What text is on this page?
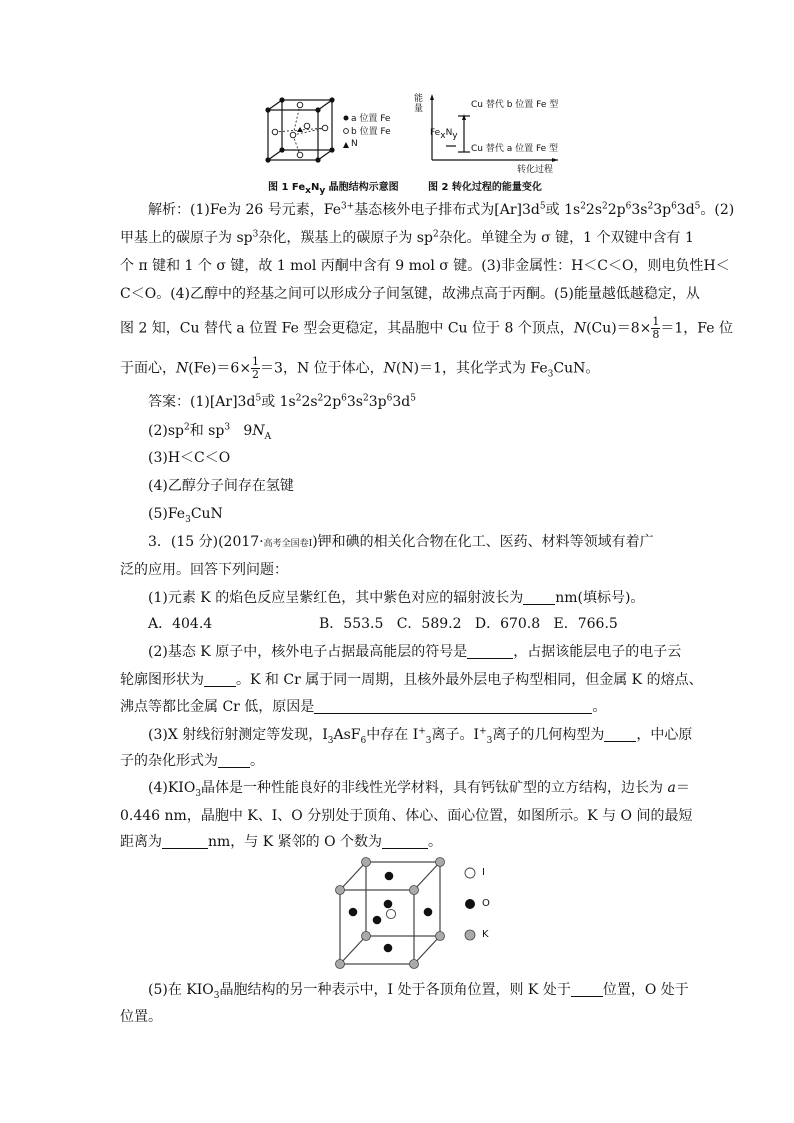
a 位置 Fe
b 位置 Fe
N
图 1 $Fe_xN_y$ 晶胞结构示意图
能量	Cu 替代 b 位置 Fe 型
$Fe_xN_y$
Cu 替代 a 位置 Fe 型
转化过程
图 2 转化过程的能量变化
解析：(1)Fe为 26 号元素，$Fe^{3+}$基态核外电子排布式为$[Ar]3d^5$或 $1s^22s^22p^63s^23p^63d^5$。(2)
甲基上的碳原子为 $sp^3$杂化，羰基上的碳原子为 $sp^2$杂化。单键全为 σ 键，1 个双键中含有 1
个 π 键和 1 个 σ 键，故 1 mol 丙酮中含有 9 mol σ 键。(3)非金属性：H＜C＜O，则电负性H＜
C＜O。(4)乙醇中的羟基之间可以形成分子间氢键，故沸点高于丙酮。(5)能量越低越稳定，从
图 2 知，Cu 替代 a 位置 Fe 型会更稳定，其晶胞中 Cu 位于 8 个顶点，$N(Cu)=8\times \frac{1}{8} =1$，Fe 位
于面心，$N(Fe)=6\times \frac{1}{2} =3$，N 位于体心，N(N)＝1，其化学式为 $Fe_3CuN$。
答案：$(1)[Ar]3d^5$或 $1s^22s^22p^63s^23p^63d^5$
$(2)sp^2$和 $sp^3$   $9N_A$
(3)H＜C＜O
(4)乙醇分子间存在氢键
$(5)Fe_3CuN$
3．(15 分)(2017·高考全国卷Ⅰ)钾和碘的相关化合物在化工、医药、材料等领域有着广
泛的应用。回答下列问题：
(1)元素 K 的焰色反应呈紫红色，其中紫色对应的辐射波长为 nm(填标号)。
A．404.4                        B．553.5   C．589.2   D．670.8   E．766.5
(2)基态 K 原子中，核外电子占据最高能层的符号是	，占据该能层电子的电子云
轮廓图形状为 。K 和 Cr 属于同一周期，且核外最外层电子构型相同，但金属 K 的熔点、
沸点等都比金属 Cr 低，原因是	。
(3)X 射线衍射测定等发现，$I_3AsF_6$中存在 $I^+_3$离子。$I^+_3$离子的几何构型为 ，中心原
子的杂化形式为 。
$(4)KIO_3$晶体是一种性能良好的非线性光学材料，具有钙钛矿型的立方结构，边长为 a＝
0.446 nm，晶胞中 K、I、O 分别处于顶角、体心、面心位置，如图所示。K 与 O 间的最短
距离为	nm，与 K 紧邻的 O 个数为	。
I
O
K
(5)在 $KIO_3$晶胞结构的另一种表示中，I 处于各顶角位置，则 K 处于 位置，O 处于
位置。
